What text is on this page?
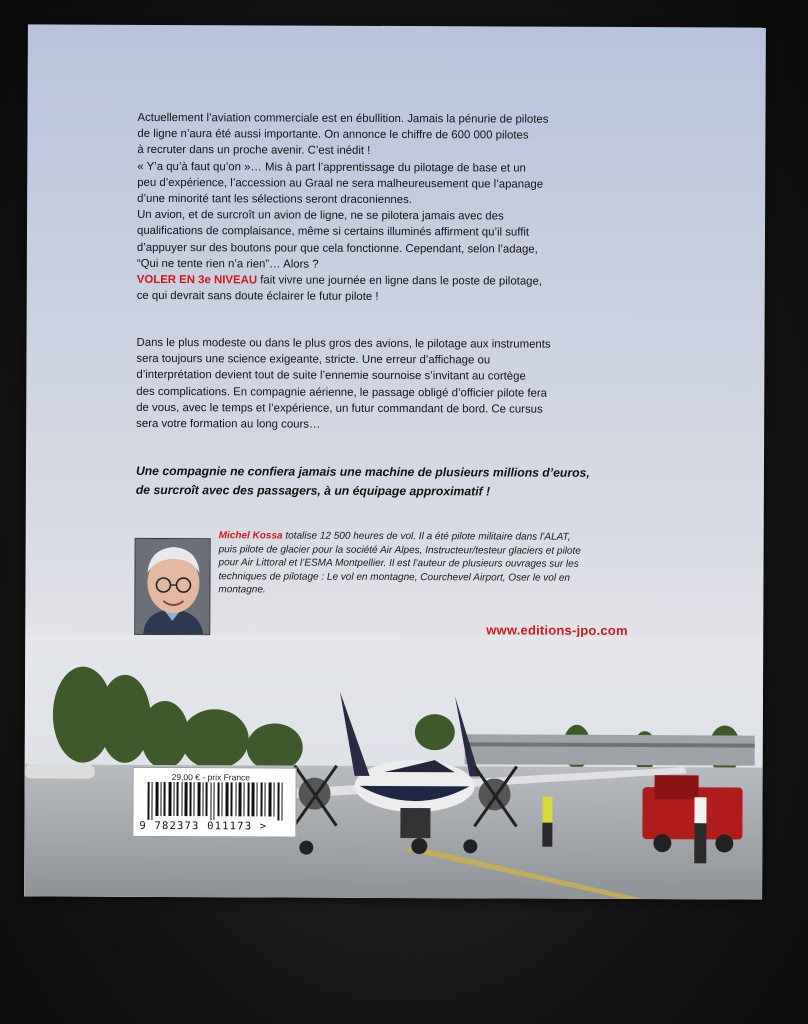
Actuellement l’aviation commerciale est en ébullition. Jamais la pénurie de pilotes

de ligne n’aura été aussi importante. On annonce le chiffre de 600 000 pilotes

à recruter dans un proche avenir. C’est inédit !

« Y’a qu’à faut qu’on »… Mis à part l’apprentissage du pilotage de base et un

peu d’expérience, l’accession au Graal ne sera malheureusement que l’apanage

d’une minorité tant les sélections seront draconiennes.

Un avion, et de surcroît un avion de ligne, ne se pilotera jamais avec des

qualifications de complaisance, même si certains illuminés affirment qu’il suffit

d’appuyer sur des boutons pour que cela fonctionne. Cependant, selon l’adage,

“Qui ne tente rien n’a rien”… Alors ?

VOLER EN 3e NIVEAU fait vivre une journée en ligne dans le poste de pilotage,

ce qui devrait sans doute éclairer le futur pilote !

Dans le plus modeste ou dans le plus gros des avions, le pilotage aux instruments

sera toujours une science exigeante, stricte. Une erreur d’affichage ou

d’interprétation devient tout de suite l’ennemie sournoise s’invitant au cortège

des complications. En compagnie aérienne, le passage obligé d’officier pilote fera

de vous, avec le temps et l’expérience, un futur commandant de bord. Ce cursus

sera votre formation au long cours…

Une compagnie ne confiera jamais une machine de plusieurs millions d’euros,
de surcroît avec des passagers, à un équipage approximatif !
Michel Kossa totalise 12 500 heures de vol. Il a été pilote militaire dans l’ALAT,
puis pilote de glacier pour la société Air Alpes, Instructeur/testeur glaciers et pilote
pour Air Littoral et l’ESMA Montpellier. Il est l’auteur de plusieurs ouvrages sur les
techniques de pilotage : Le vol en montagne, Courchevel Airport, Oser le vol en
montagne.
www.editions-jpo.com
29,00 € - prix France
9 782373 011173 >
